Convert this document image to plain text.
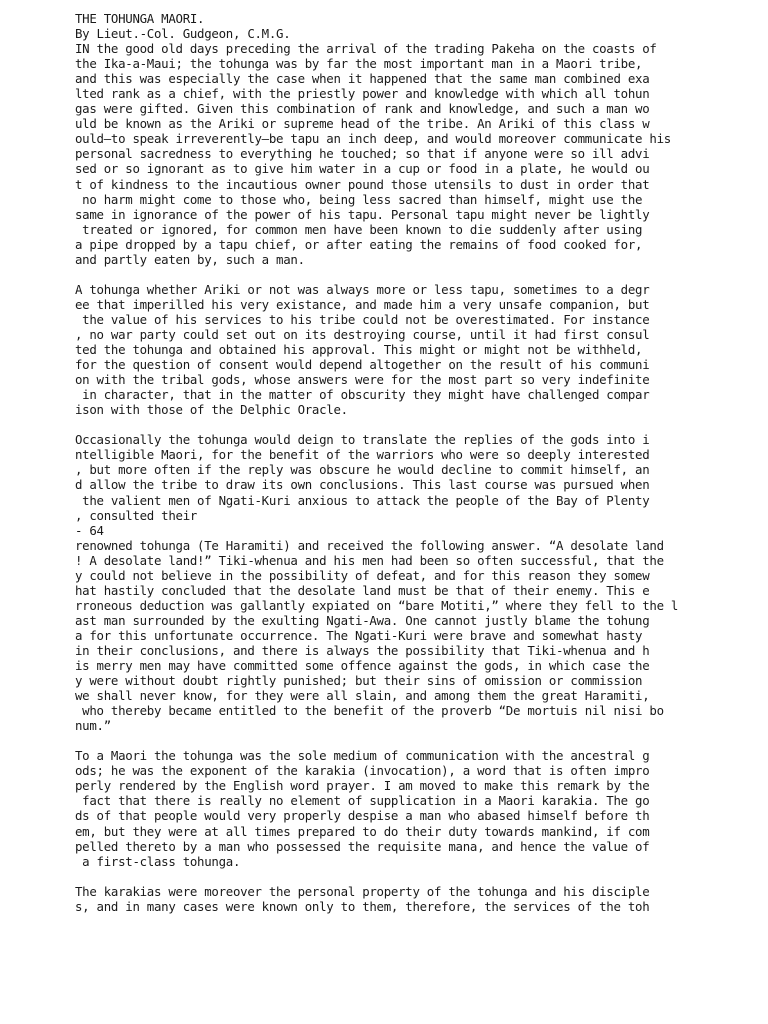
THE TOHUNGA MAORI.
By Lieut.-Col. Gudgeon, C.M.G.
IN the good old days preceding the arrival of the trading Pakeha on the coasts of
the Ika-a-Maui; the tohunga was by far the most important man in a Maori tribe,
and this was especially the case when it happened that the same man combined exa
lted rank as a chief, with the priestly power and knowledge with which all tohun
gas were gifted. Given this combination of rank and knowledge, and such a man wo
uld be known as the Ariki or supreme head of the tribe. An Ariki of this class w
ould—to speak irreverently—be tapu an inch deep, and would moreover communicate his
personal sacredness to everything he touched; so that if anyone were so ill advi
sed or so ignorant as to give him water in a cup or food in a plate, he would ou
t of kindness to the incautious owner pound those utensils to dust in order that
no harm might come to those who, being less sacred than himself, might use the
same in ignorance of the power of his tapu. Personal tapu might never be lightly
treated or ignored, for common men have been known to die suddenly after using
a pipe dropped by a tapu chief, or after eating the remains of food cooked for,
and partly eaten by, such a man.
A tohunga whether Ariki or not was always more or less tapu, sometimes to a degr
ee that imperilled his very existance, and made him a very unsafe companion, but
the value of his services to his tribe could not be overestimated. For instance
, no war party could set out on its destroying course, until it had first consul
ted the tohunga and obtained his approval. This might or might not be withheld,
for the question of consent would depend altogether on the result of his communi
on with the tribal gods, whose answers were for the most part so very indefinite
in character, that in the matter of obscurity they might have challenged compar
ison with those of the Delphic Oracle.
Occasionally the tohunga would deign to translate the replies of the gods into i
ntelligible Maori, for the benefit of the warriors who were so deeply interested
, but more often if the reply was obscure he would decline to commit himself, an
d allow the tribe to draw its own conclusions. This last course was pursued when
the valient men of Ngati-Kuri anxious to attack the people of the Bay of Plenty
, consulted their
- 64
renowned tohunga (Te Haramiti) and received the following answer. “A desolate land
! A desolate land!” Tiki-whenua and his men had been so often successful, that the
y could not believe in the possibility of defeat, and for this reason they somew
hat hastily concluded that the desolate land must be that of their enemy. This e
rroneous deduction was gallantly expiated on “bare Motiti,” where they fell to the l
ast man surrounded by the exulting Ngati-Awa. One cannot justly blame the tohung
a for this unfortunate occurrence. The Ngati-Kuri were brave and somewhat hasty
in their conclusions, and there is always the possibility that Tiki-whenua and h
is merry men may have committed some offence against the gods, in which case the
y were without doubt rightly punished; but their sins of omission or commission
we shall never know, for they were all slain, and among them the great Haramiti,
who thereby became entitled to the benefit of the proverb “De mortuis nil nisi bo
num.”
To a Maori the tohunga was the sole medium of communication with the ancestral g
ods; he was the exponent of the karakia (invocation), a word that is often impro
perly rendered by the English word prayer. I am moved to make this remark by the
fact that there is really no element of supplication in a Maori karakia. The go
ds of that people would very properly despise a man who abased himself before th
em, but they were at all times prepared to do their duty towards mankind, if com
pelled thereto by a man who possessed the requisite mana, and hence the value of
a first-class tohunga.
The karakias were moreover the personal property of the tohunga and his disciple
s, and in many cases were known only to them, therefore, the services of the toh
